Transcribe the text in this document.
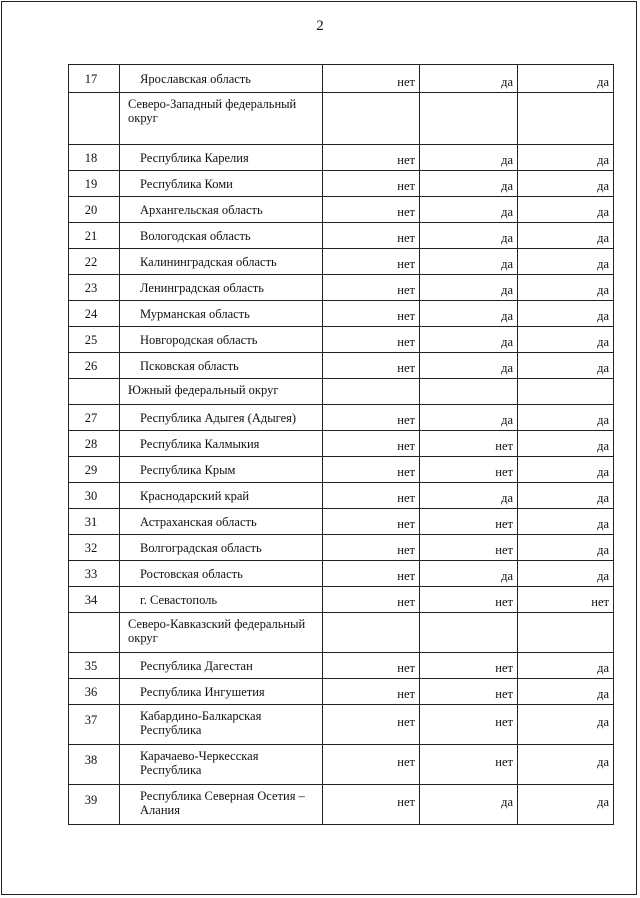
2
17	Ярославская область	нет	да	да
	Северо-Западный федеральный округ			
18	Республика Карелия	нет	да	да
19	Республика Коми	нет	да	да
20	Архангельская область	нет	да	да
21	Вологодская область	нет	да	да
22	Калининградская область	нет	да	да
23	Ленинградская область	нет	да	да
24	Мурманская область	нет	да	да
25	Новгородская область	нет	да	да
26	Псковская область	нет	да	да
	Южный федеральный округ			
27	Республика Адыгея (Адыгея)	нет	да	да
28	Республика Калмыкия	нет	нет	да
29	Республика Крым	нет	нет	да
30	Краснодарский край	нет	да	да
31	Астраханская область	нет	нет	да
32	Волгоградская область	нет	нет	да
33	Ростовская область	нет	да	да
34	г. Севастополь	нет	нет	нет
	Северо-Кавказский федеральный округ			
35	Республика Дагестан	нет	нет	да
36	Республика Ингушетия	нет	нет	да
37	Кабардино-Балкарская Республика	нет	нет	да
38	Карачаево-Черкесская Республика	нет	нет	да
39	Республика Северная Осетия – Алания	нет	да	да
